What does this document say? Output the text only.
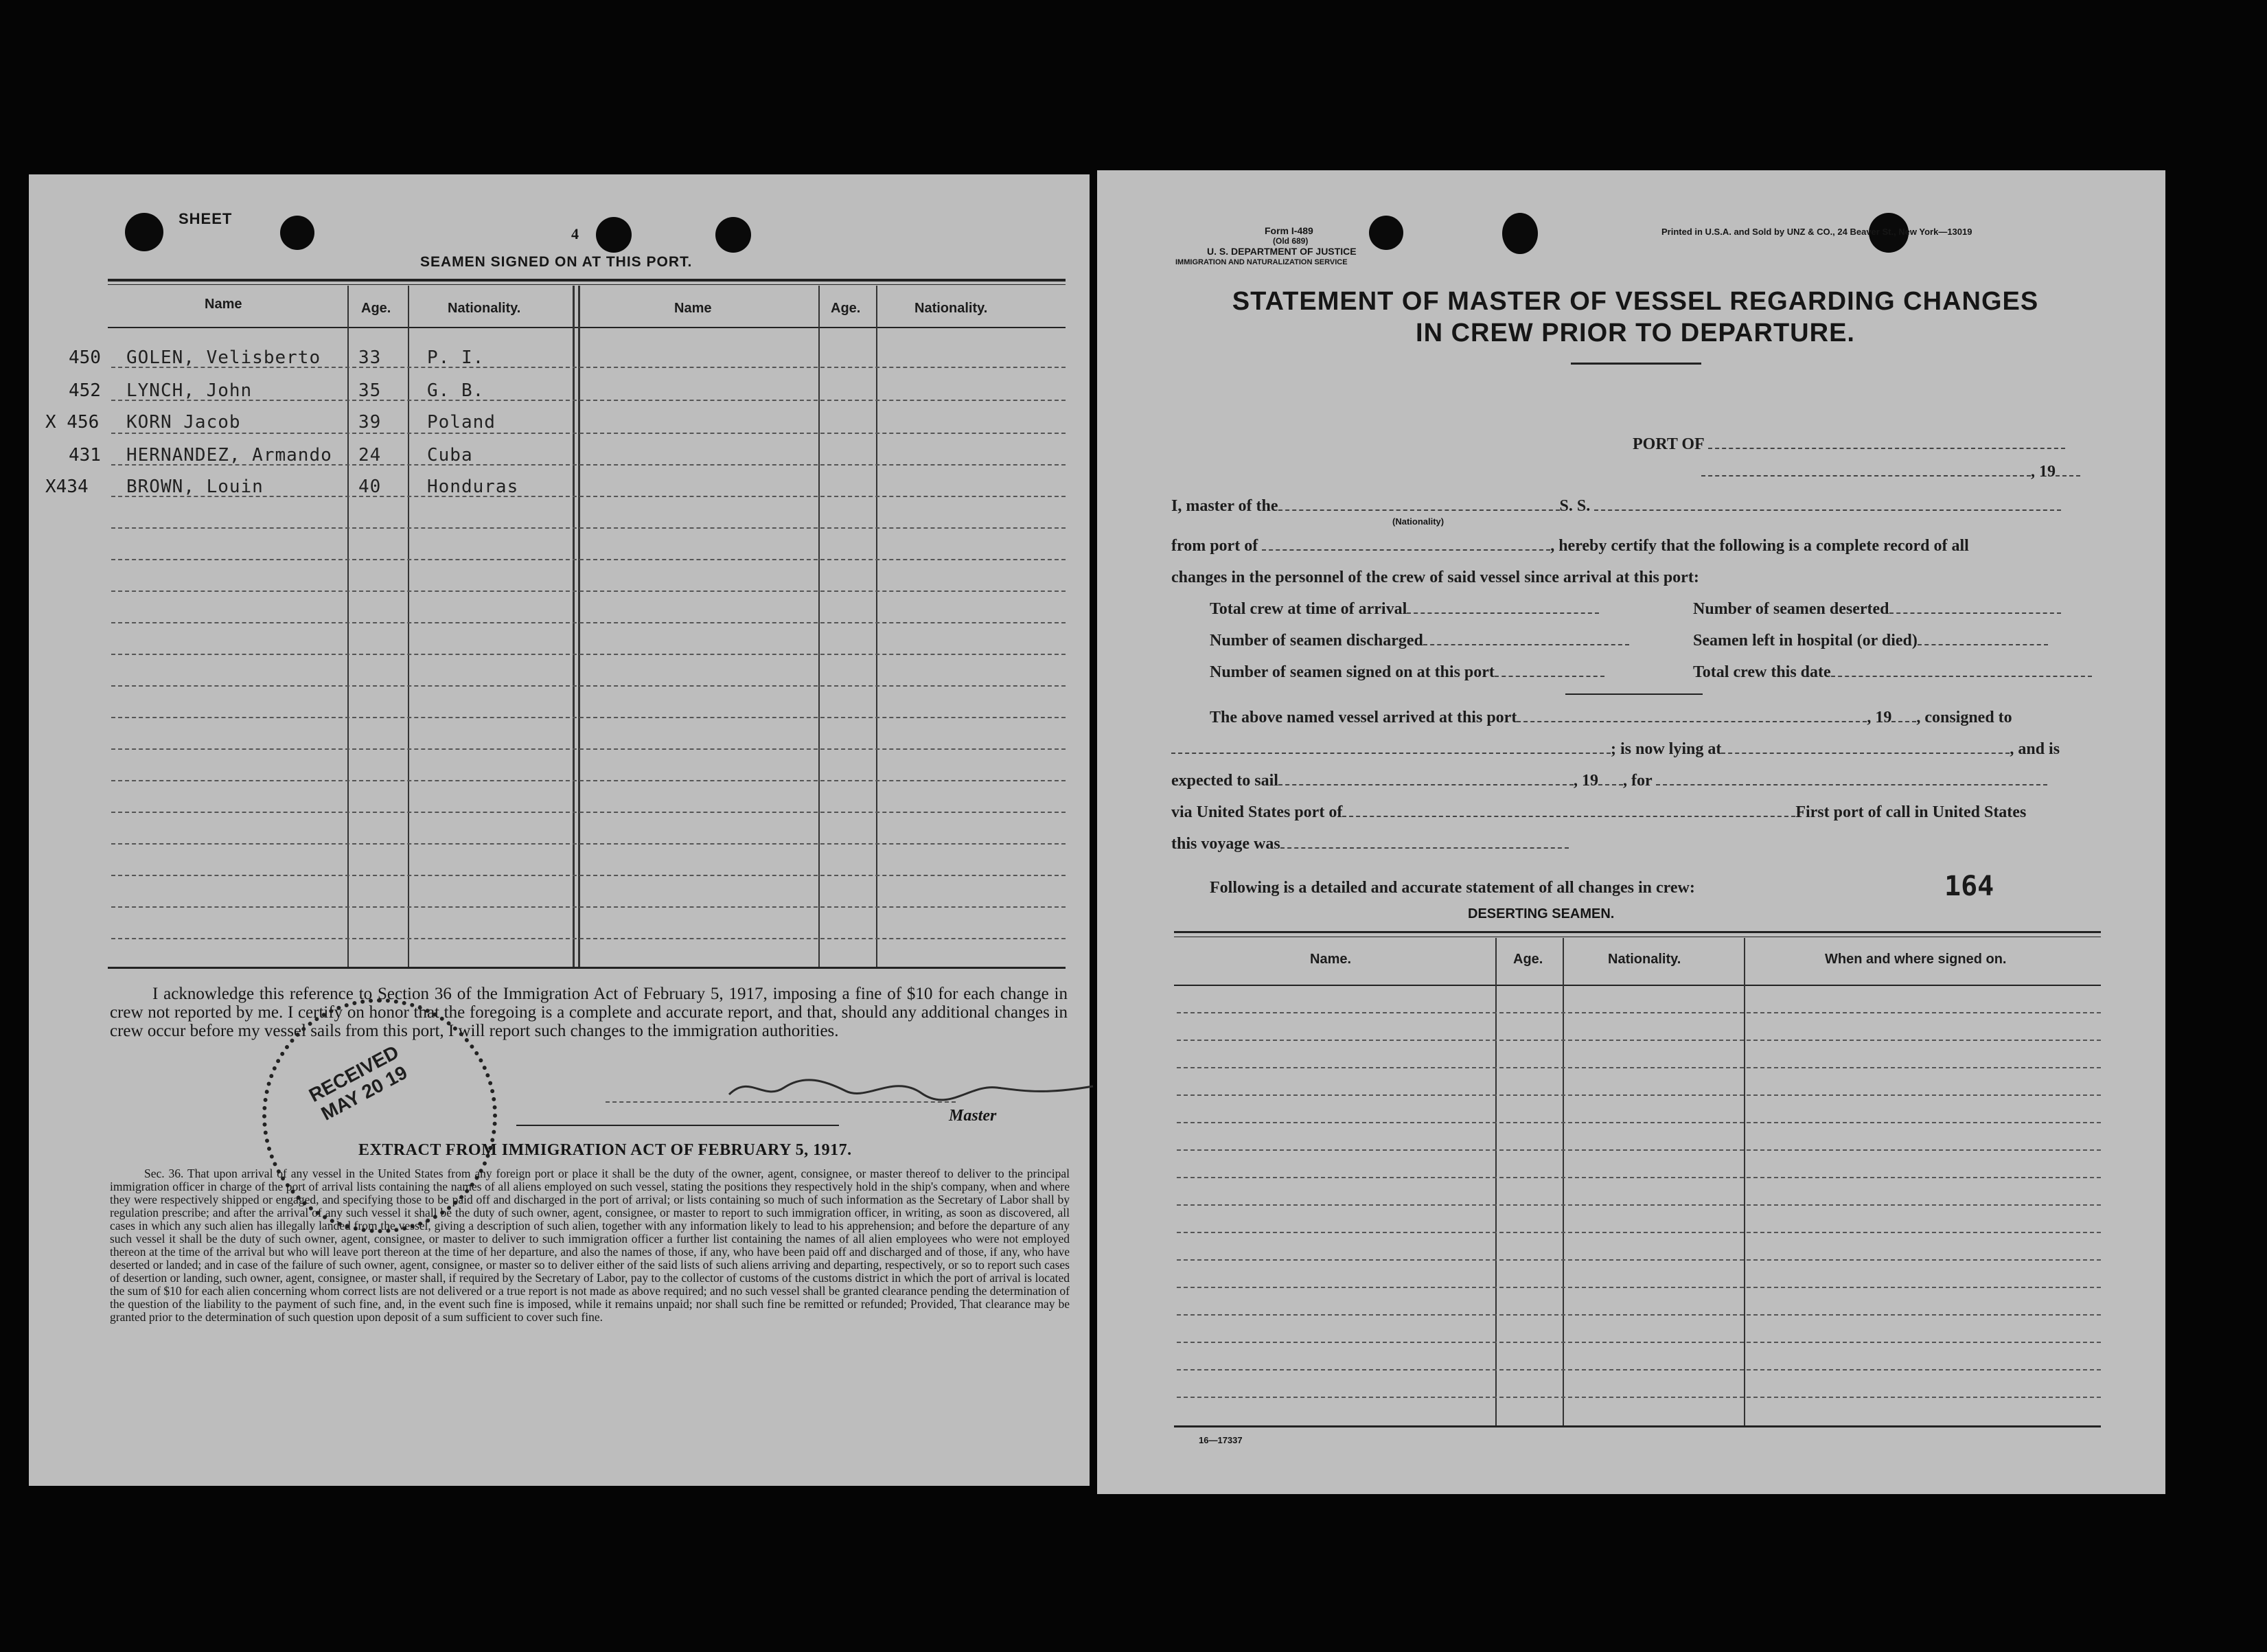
SHEET
4
SEAMEN SIGNED ON AT THIS PORT.
Name	Age.	Nationality.	Name	Age.	Nationality.
450 GOLEN, Velisberto 33	P. I.
452 LYNCH, John	35	G. B.
X 456 KORN Jacob	39	Poland
431 HERNANDEZ, Armando 24	Cuba
X434 BROWN, Louin	40	Honduras
I acknowledge this reference to Section 36 of the Immigration Act of February 5, 1917, imposing a fine of $10 for each change in crew not reported by me. I certify on honor that the foregoing is a complete and accurate report, and that, should any additional changes in crew occur before my vessel sails from this port, I will report such changes to the immigration authorities.
Master
RECEIVED MAY 20 19
EXTRACT FROM IMMIGRATION ACT OF FEBRUARY 5, 1917.
Sec. 36. That upon arrival of any vessel in the United States from any foreign port or place it shall be the duty of the owner, agent, consignee, or master thereof to deliver to the principal immigration officer in charge of the port of arrival lists containing the names of all aliens employed on such vessel, stating the positions they respectively hold in the ship's company, when and where they were respectively shipped or engaged, and specifying those to be paid off and discharged in the port of arrival; or lists containing so much of such information as the Secretary of Labor shall by regulation prescribe; and after the arrival of any such vessel it shall be the duty of such owner, agent, consignee, or master to report to such immigration officer, in writing, as soon as discovered, all cases in which any such alien has illegally landed from the vessel, giving a description of such alien, together with any information likely to lead to his apprehension; and before the departure of any such vessel it shall be the duty of such owner, agent, consignee, or master to deliver to such immigration officer a further list containing the names of all alien employees who were not employed thereon at the time of the arrival but who will leave port thereon at the time of her departure, and also the names of those, if any, who have been paid off and discharged and of those, if any, who have deserted or landed; and in case of the failure of such owner, agent, consignee, or master so to deliver either of the said lists of such aliens arriving and departing, respectively, or so to report such cases of desertion or landing, such owner, agent, consignee, or master shall, if required by the Secretary of Labor, pay to the collector of customs of the customs district in which the port of arrival is located the sum of $10 for each alien concerning whom correct lists are not delivered or a true report is not made as above required; and no such vessel shall be granted clearance pending the determination of the question of the liability to the payment of such fine, and, in the event such fine is imposed, while it remains unpaid; nor shall such fine be remitted or refunded; Provided, That clearance may be granted prior to the determination of such question upon deposit of a sum sufficient to cover such fine.
Form I-489
(Old 689)
U. S. DEPARTMENT OF JUSTICE
IMMIGRATION AND NATURALIZATION SERVICE
Printed in U.S.A. and Sold by UNZ & CO., 24 Beaver St., New York—13019
STATEMENT OF MASTER OF VESSEL REGARDING CHANGES
IN CREW PRIOR TO DEPARTURE.
PORT OF
, 19
I, master of the	S. S.
(Nationality)
from port of	, hereby certify that the following is a complete record of all
changes in the personnel of the crew of said vessel since arrival at this port:
Total crew at time of arrival	Number of seamen deserted
Number of seamen discharged	Seamen left in hospital (or died)
Number of seamen signed on at this port	Total crew this date
The above named vessel arrived at this port	, 19 , consigned to
; is now lying at	, and is
expected to sail	, 19 , for
via United States port of	First port of call in United States
this voyage was
Following is a detailed and accurate statement of all changes in crew:	164
DESERTING SEAMEN.
Name.	Age.	Nationality.	When and where signed on.
16—17337
